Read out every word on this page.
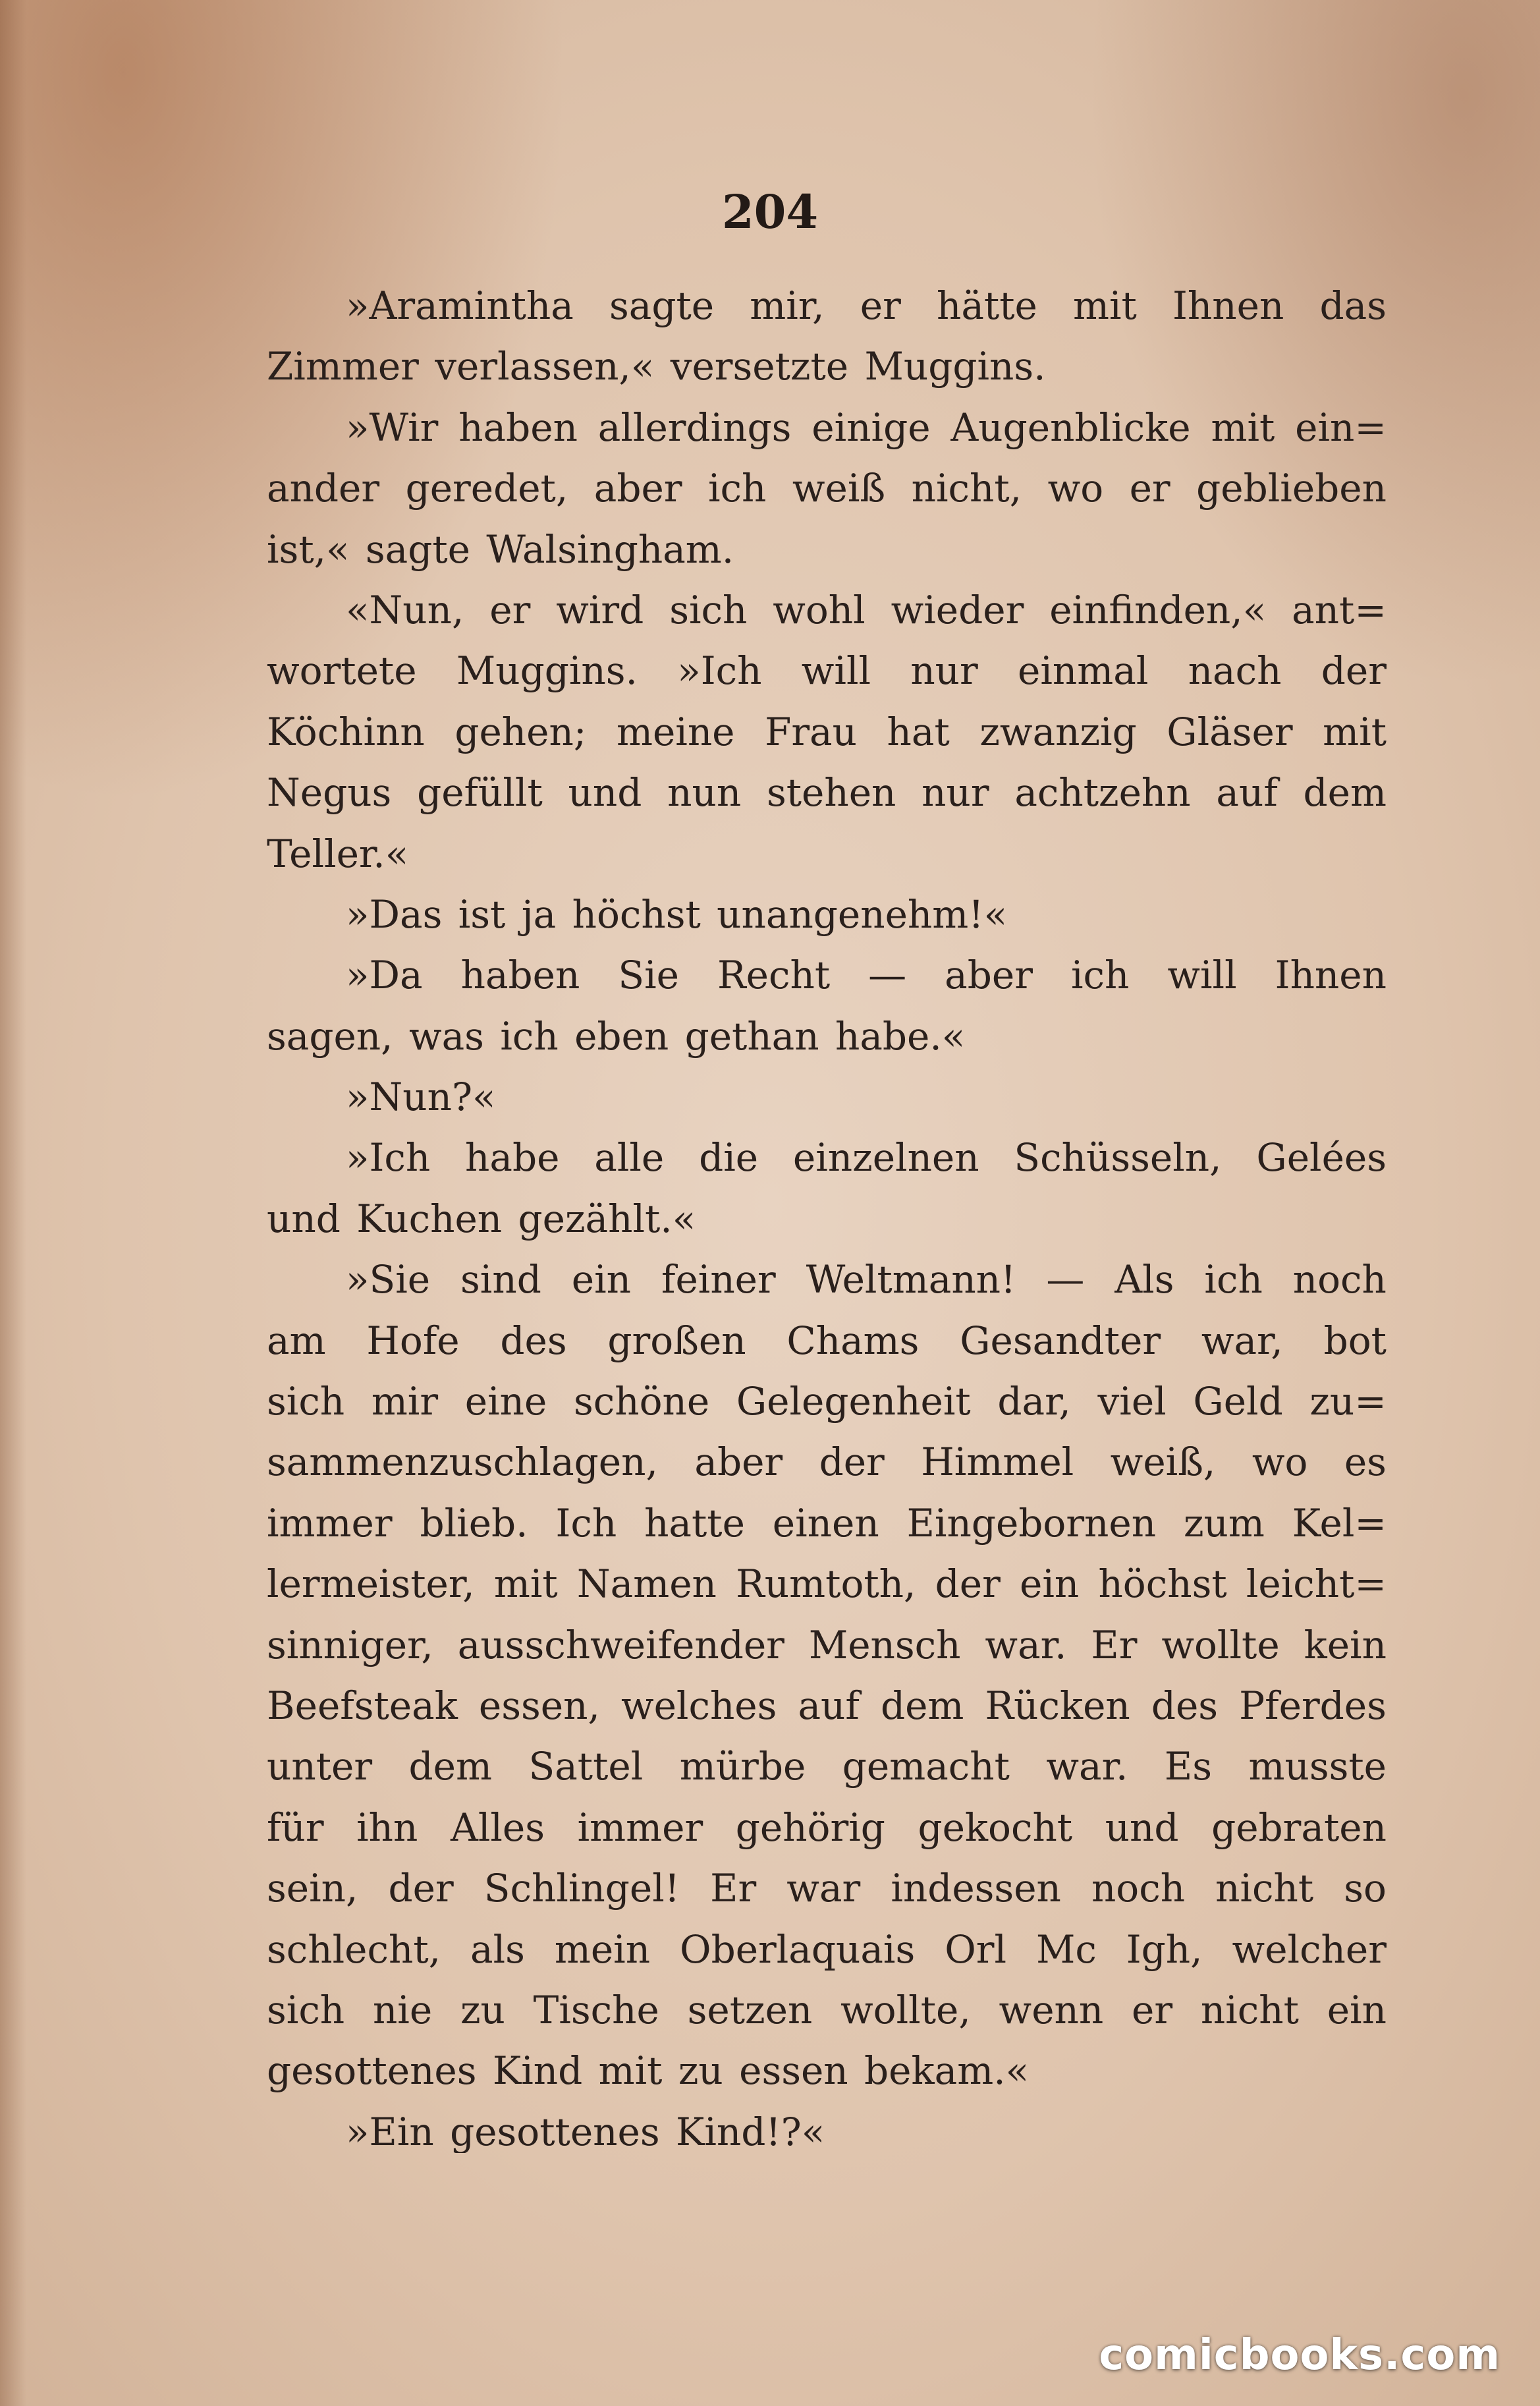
204
»Araminthа sagte mir, er hätte mit Ihnen das
Zimmer verlassen,« versetzte Muggins.
»Wir haben allerdings einige Augenblicke mit ein=
ander geredet, aber ich weiß nicht, wo er geblieben
ist,« sagte Walsingham.
«Nun, er wird sich wohl wieder einfinden,« ant=
wortete Muggins. »Ich will nur einmal nach der
Köchinn gehen; meine Frau hat zwanzig Gläser mit
Negus gefüllt und nun stehen nur achtzehn auf dem
Teller.«
»Das ist ja höchst unangenehm!«
»Da haben Sie Recht — aber ich will Ihnen
sagen, was ich eben gethan habe.«
»Nun?«
»Ich habe alle die einzelnen Schüsseln, Gelées
und Kuchen gezählt.«
»Sie sind ein feiner Weltmann! — Als ich noch
am Hofe des großen Chams Gesandter war, bot
sich mir eine schöne Gelegenheit dar, viel Geld zu=
sammenzuschlagen, aber der Himmel weiß, wo es
immer blieb. Ich hatte einen Eingebornen zum Kel=
lermeister, mit Namen Rumtoth, der ein höchst leicht=
sinniger, ausschweifender Mensch war. Er wollte kein
Beefsteak essen, welches auf dem Rücken des Pferdes
unter dem Sattel mürbe gemacht war. Es musste
für ihn Alles immer gehörig gekocht und gebraten
sein, der Schlingel! Er war indessen noch nicht so
schlecht, als mein Oberlaquais Orl Mc Igh, welcher
sich nie zu Tische setzen wollte, wenn er nicht ein
gesottenes Kind mit zu essen bekam.«
»Ein gesottenes Kind!?«
comicbooks.com
